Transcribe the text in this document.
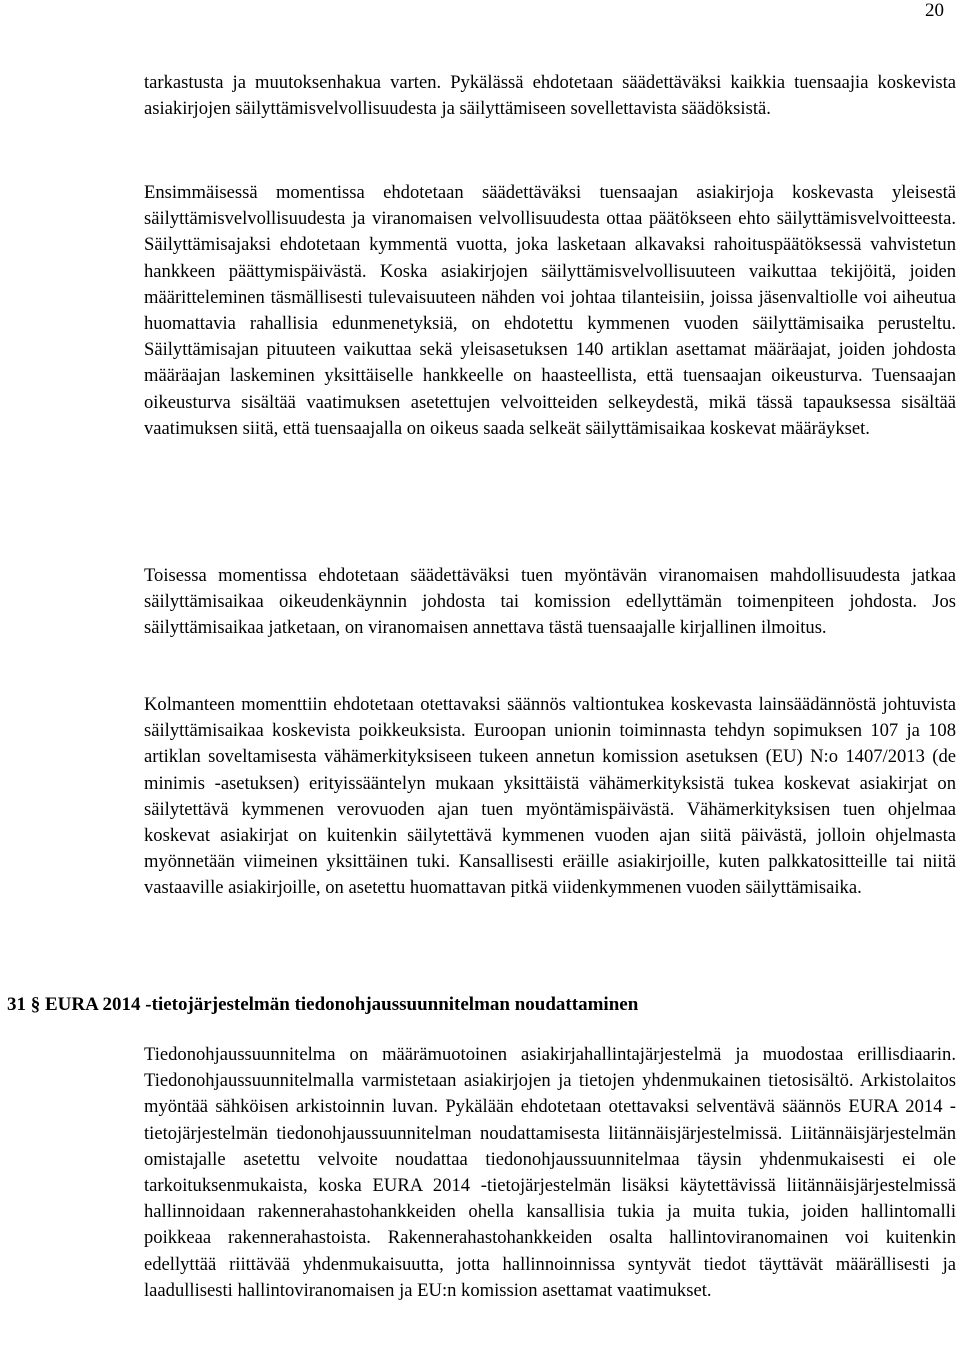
20

tarkastusta ja muutoksenhakua varten. Pykälässä ehdotetaan säädettäväksi kaikkia tuensaajia koskevista asiakirjojen säilyttämisvelvollisuudesta ja säilyttämiseen sovellettavista säädöksistä.

Ensimmäisessä momentissa ehdotetaan säädettäväksi tuensaajan asiakirjoja koskevasta yleisestä säilyttämisvelvollisuudesta ja viranomaisen velvollisuudesta ottaa päätökseen ehto säilyttämisvelvoitteesta. Säilyttämisajaksi ehdotetaan kymmentä vuotta, joka lasketaan alkavaksi rahoituspäätöksessä vahvistetun hankkeen päättymispäivästä. Koska asiakirjojen säilyttämisvelvollisuuteen vaikuttaa tekijöitä, joiden määritteleminen täsmällisesti tulevaisuuteen nähden voi johtaa tilanteisiin, joissa jäsenvaltiolle voi aiheutua huomattavia rahallisia edunmenetyksiä, on ehdotettu kymmenen vuoden säilyttämisaika perusteltu. Säilyttämisajan pituuteen vaikuttaa sekä yleisasetuksen 140 artiklan asettamat määräajat, joiden johdosta määräajan laskeminen yksittäiselle hankkeelle on haasteellista, että tuensaajan oikeusturva. Tuensaajan oikeusturva sisältää vaatimuksen asetettujen velvoitteiden selkeydestä, mikä tässä tapauksessa sisältää vaatimuksen siitä, että tuensaajalla on oikeus saada selkeät säilyttämisaikaa koskevat määräykset.

Toisessa momentissa ehdotetaan säädettäväksi tuen myöntävän viranomaisen mahdollisuudesta jatkaa säilyttämisaikaa oikeudenkäynnin johdosta tai komission edellyttämän toimenpiteen johdosta. Jos säilyttämisaikaa jatketaan, on viranomaisen annettava tästä tuensaajalle kirjallinen ilmoitus.

Kolmanteen momenttiin ehdotetaan otettavaksi säännös valtiontukea koskevasta lainsäädännöstä johtuvista säilyttämisaikaa koskevista poikkeuksista. Euroopan unionin toiminnasta tehdyn sopimuksen 107 ja 108 artiklan soveltamisesta vähämerkityksiseen tukeen annetun komission asetuksen (EU) N:o 1407/2013 (de minimis -asetuksen) erityissääntelyn mukaan yksittäistä vähämerkityksistä tukea koskevat asiakirjat on säilytettävä kymmenen verovuoden ajan tuen myöntämispäivästä. Vähämerkityksisen tuen ohjelmaa koskevat asiakirjat on kuitenkin säilytettävä kymmenen vuoden ajan siitä päivästä, jolloin ohjelmasta myönnetään viimeinen yksittäinen tuki. Kansallisesti eräille asiakirjoille, kuten palkkatositteille tai niitä vastaaville asiakirjoille, on asetettu huomattavan pitkä viidenkymmenen vuoden säilyttämisaika.

31 § EURA 2014 -tietojärjestelmän tiedonohjaussuunnitelman noudattaminen

Tiedonohjaussuunnitelma on määrämuotoinen asiakirjahallintajärjestelmä ja muodostaa erillisdiaarin. Tiedonohjaussuunnitelmalla varmistetaan asiakirjojen ja tietojen yhdenmukainen tietosisältö. Arkistolaitos myöntää sähköisen arkistoinnin luvan. Pykälään ehdotetaan otettavaksi selventävä säännös EURA 2014 -tietojärjestelmän tiedonohjaussuunnitelman noudattamisesta liitännäisjärjestelmissä. Liitännäisjärjestelmän omistajalle asetettu velvoite noudattaa tiedonohjaussuunnitelmaa täysin yhdenmukaisesti ei ole tarkoituksenmukaista, koska EURA 2014 -tietojärjestelmän lisäksi käytettävissä liitännäisjärjestelmissä hallinnoidaan rakennerahastohankkeiden ohella kansallisia tukia ja muita tukia, joiden hallintomalli poikkeaa rakennerahastoista. Rakennerahastohankkeiden osalta hallintoviranomainen voi kuitenkin edellyttää riittävää yhdenmukaisuutta, jotta hallinnoinnissa syntyvät tiedot täyttävät määrällisesti ja laadullisesti hallintoviranomaisen ja EU:n komission asettamat vaatimukset.
